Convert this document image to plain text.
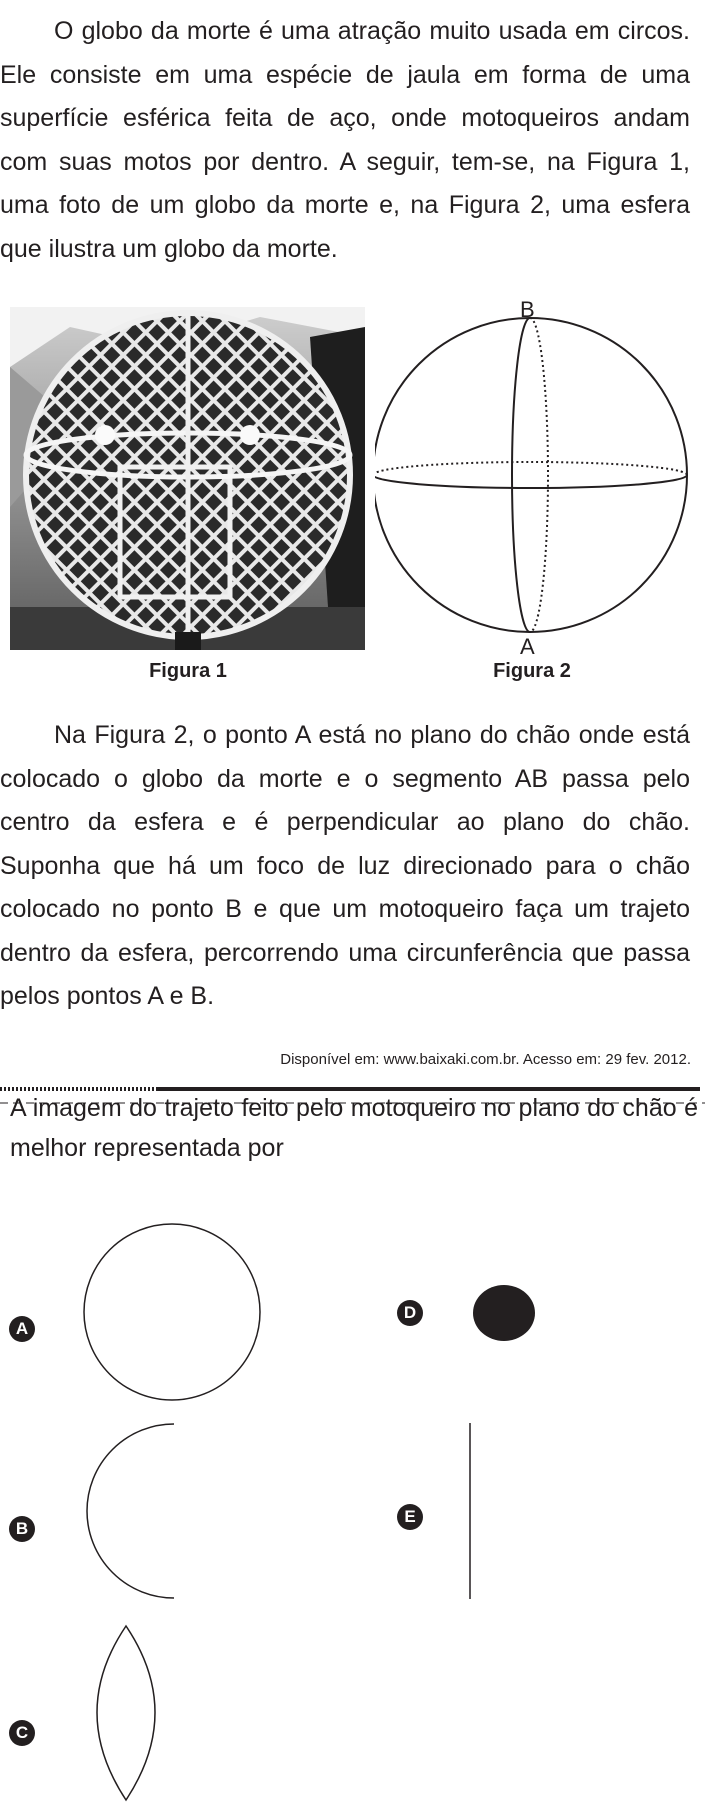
O globo da morte é uma atração muito usada em circos. Ele consiste em uma espécie de jaula em forma de uma superfície esférica feita de aço, onde motoqueiros andam com suas motos por dentro. A seguir, tem-se, na Figura 1, uma foto de um globo da morte e, na Figura 2, uma esfera que ilustra um globo da morte.

Figura 1
B
A
Figura 2

Na Figura 2, o ponto A está no plano do chão onde está colocado o globo da morte e o segmento AB passa pelo centro da esfera e é perpendicular ao plano do chão. Suponha que há um foco de luz direcionado para o chão colocado no ponto B e que um motoqueiro faça um trajeto dentro da esfera, percorrendo uma circunferência que passa pelos pontos A e B.

Disponível em: www.baixaki.com.br. Acesso em: 29 fev. 2012.

A imagem do trajeto feito pelo motoqueiro no plano do chão é melhor representada por

A
B
C
D
E
